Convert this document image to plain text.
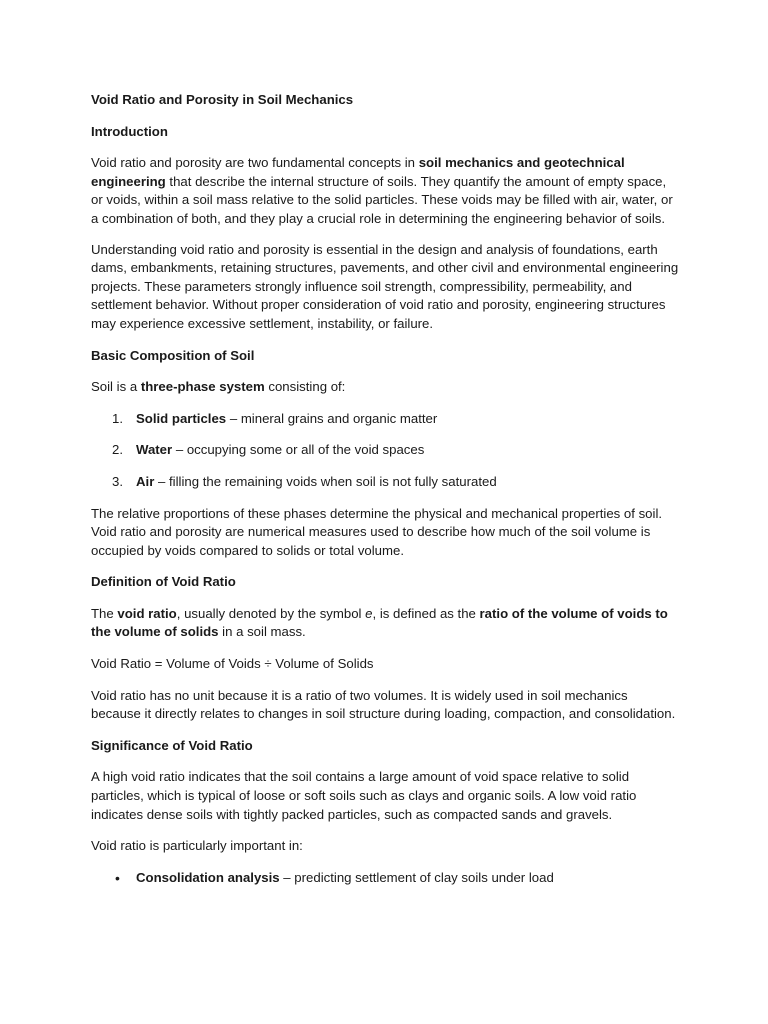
Void Ratio and Porosity in Soil Mechanics

Introduction

Void ratio and porosity are two fundamental concepts in soil mechanics and geotechnical engineering that describe the internal structure of soils. They quantify the amount of empty space, or voids, within a soil mass relative to the solid particles. These voids may be filled with air, water, or a combination of both, and they play a crucial role in determining the engineering behavior of soils.

Understanding void ratio and porosity is essential in the design and analysis of foundations, earth dams, embankments, retaining structures, pavements, and other civil and environmental engineering projects. These parameters strongly influence soil strength, compressibility, permeability, and settlement behavior. Without proper consideration of void ratio and porosity, engineering structures may experience excessive settlement, instability, or failure.

Basic Composition of Soil

Soil is a three-phase system consisting of:

1. Solid particles – mineral grains and organic matter
2. Water – occupying some or all of the void spaces
3. Air – filling the remaining voids when soil is not fully saturated

The relative proportions of these phases determine the physical and mechanical properties of soil. Void ratio and porosity are numerical measures used to describe how much of the soil volume is occupied by voids compared to solids or total volume.

Definition of Void Ratio

The void ratio, usually denoted by the symbol e, is defined as the ratio of the volume of voids to the volume of solids in a soil mass.

Void Ratio = Volume of Voids ÷ Volume of Solids

Void ratio has no unit because it is a ratio of two volumes. It is widely used in soil mechanics because it directly relates to changes in soil structure during loading, compaction, and consolidation.

Significance of Void Ratio

A high void ratio indicates that the soil contains a large amount of void space relative to solid particles, which is typical of loose or soft soils such as clays and organic soils. A low void ratio indicates dense soils with tightly packed particles, such as compacted sands and gravels.

Void ratio is particularly important in:

• Consolidation analysis – predicting settlement of clay soils under load
